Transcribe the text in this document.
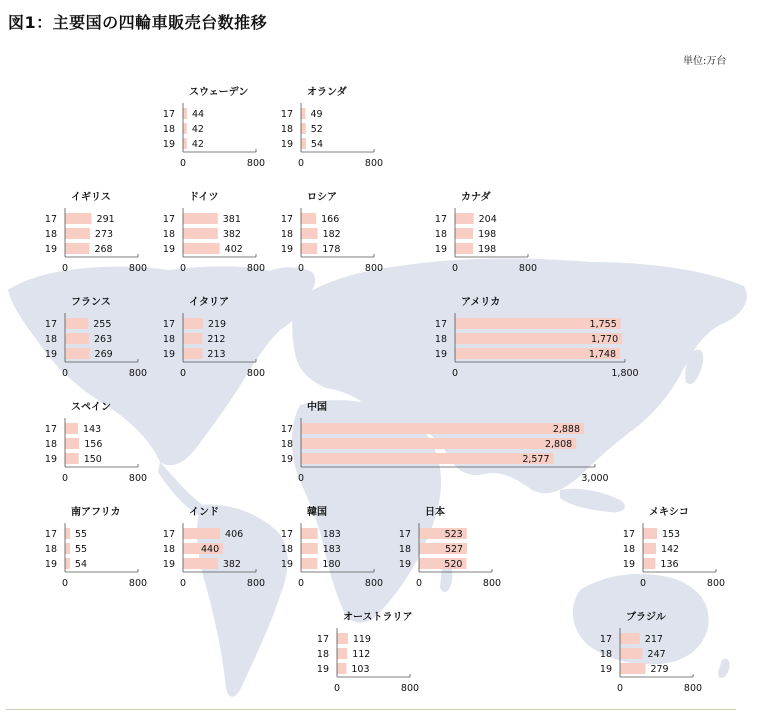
図1：主要国の四輪車販売台数推移
単位:万台
スウェーデン
17 44
18 42
19 42
0	800
オランダ
17 49
18 52
19 54
0	800
イギリス
17	291
18	273
19	268
0	800
ドイツ
17	381
18	382
19	402
0	800
ロシア
17	166
18	182
19	178
0	800
カナダ
17	204
18	198
19	198
0	800
フランス
17	255
18	263
19	269
0	800
イタリア
17	219
18	212
19	213
0	800
アメリカ
17	1,755
18	1,770
19	1,748
0	1,800
スペイン
17	143
18	156
19	150
0	800
中国
17	2,888
18	2,808
19	2,577
0	3,000
南アフリカ
17 55
18 55
19 54
0	800
インド
17	406
18	440
19	382
0	800
韓国
17	183
18	183
19	180
0	800
日本
17	523
18	527
19	520
0	800
メキシコ
17	153
18	142
19	136
0	800
オーストラリア
17	119
18 112
19 103
0	800
ブラジル
17	217
18	247
19	279
0	800
